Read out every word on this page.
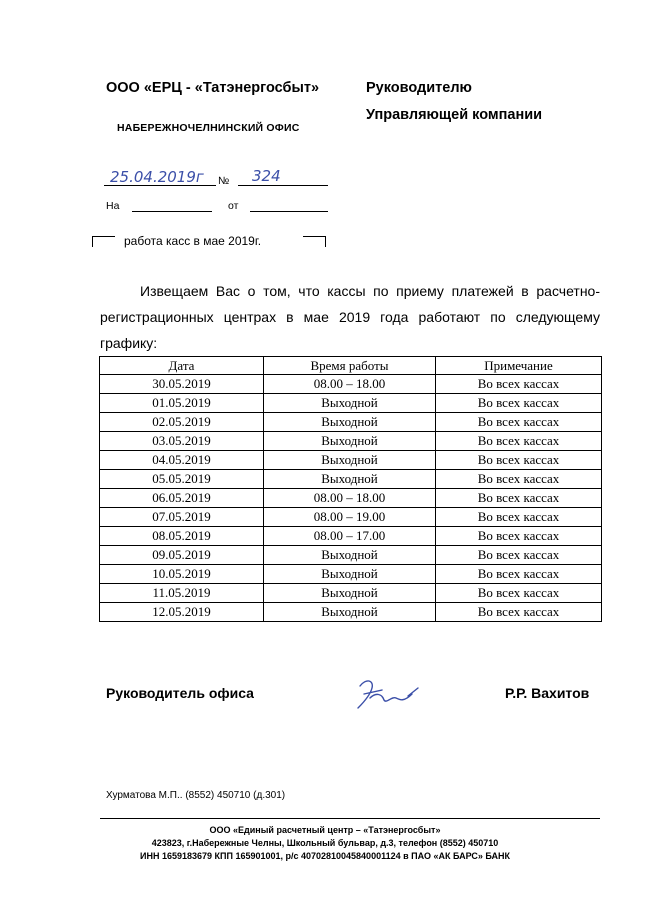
ООО «ЕРЦ - «Татэнергосбыт»
НАБЕРЕЖНОЧЕЛНИНСКИЙ ОФИС
Руководителю
Управляющей компании
25.04.2019г № 324
На	от
работа касс в мае 2019г.
Извещаем Вас о том, что кассы по приему платежей в расчетно-регистрационных центрах в мае 2019 года работают по следующему графику:
Дата	Время работы	Примечание
30.05.2019	08.00 – 18.00	Во всех кассах
01.05.2019	Выходной	Во всех кассах
02.05.2019	Выходной	Во всех кассах
03.05.2019	Выходной	Во всех кассах
04.05.2019	Выходной	Во всех кассах
05.05.2019	Выходной	Во всех кассах
06.05.2019	08.00 – 18.00	Во всех кассах
07.05.2019	08.00 – 19.00	Во всех кассах
08.05.2019	08.00 – 17.00	Во всех кассах
09.05.2019	Выходной	Во всех кассах
10.05.2019	Выходной	Во всех кассах
11.05.2019	Выходной	Во всех кассах
12.05.2019	Выходной	Во всех кассах
Руководитель офиса	Р.Р. Вахитов
Хурматова М.П.. (8552) 450710 (д.301)
ООО «Единый расчетный центр – «Татэнергосбыт»
423823, г.Набережные Челны, Школьный бульвар, д.3, телефон (8552) 450710
ИНН 1659183679 КПП 165901001, р/с 40702810045840001124 в ПАО «АК БАРС» БАНК
